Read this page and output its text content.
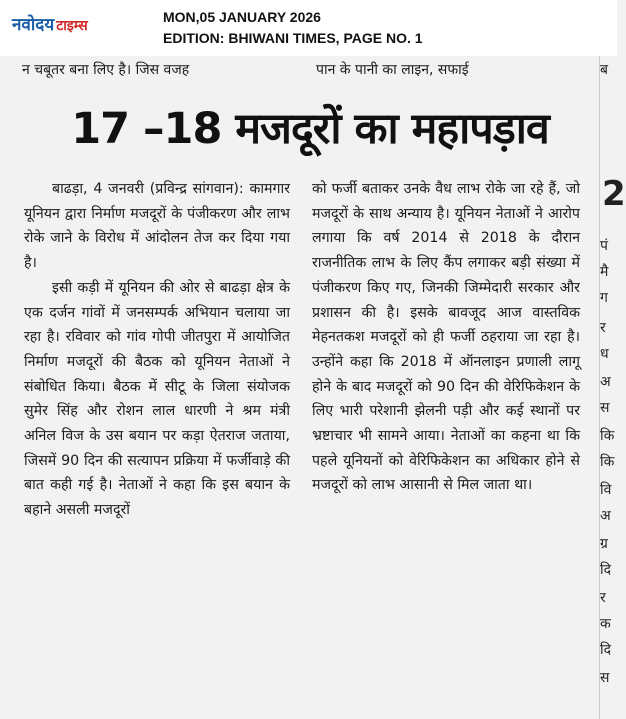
नवोदय टाइम्स
MON,05 JANUARY 2026
EDITION: BHIWANI TIMES, PAGE NO. 1
न चबूतर बना लिए है। जिस वजह	पान के पानी का लाइन, सफाई	ब
17 –18 मजदूरों का महापड़ाव

बाढड़ा, 4 जनवरी (प्रविन्द्र सांगवान): कामगार यूनियन द्वारा निर्माण मजदूरों के पंजीकरण और लाभ रोके जाने के विरोध में आंदोलन तेज कर दिया गया है।

इसी कड़ी में यूनियन की ओर से बाढड़ा क्षेत्र के एक दर्जन गांवों में जनसम्पर्क अभियान चलाया जा रहा है। रविवार को गांव गोपी जीतपुरा में आयोजित निर्माण मजदूरों की बैठक को यूनियन नेताओं ने संबोधित किया। बैठक में सीटू के जिला संयोजक सुमेर सिंह और रोशन लाल धारणी ने श्रम मंत्री अनिल विज के उस बयान पर कड़ा ऐतराज जताया, जिसमें 90 दिन की सत्यापन प्रक्रिया में फर्जीवाड़े की बात कही गई है। नेताओं ने कहा कि इस बयान के बहाने असली मजदूरों

को फर्जी बताकर उनके वैध लाभ रोके जा रहे हैं, जो मजदूरों के साथ अन्याय है। यूनियन नेताओं ने आरोप लगाया कि वर्ष 2014 से 2018 के दौरान राजनीतिक लाभ के लिए कैंप लगाकर बड़ी संख्या में पंजीकरण किए गए, जिनकी जिम्मेदारी सरकार और प्रशासन की है। इसके बावजूद आज वास्तविक मेहनतकश मजदूरों को ही फर्जी ठहराया जा रहा है। उन्होंने कहा कि 2018 में ऑनलाइन प्रणाली लागू होने के बाद मजदूरों को 90 दिन की वेरिफिकेशन के लिए भारी परेशानी झेलनी पड़ी और कई स्थानों पर भ्रष्टाचार भी सामने आया। नेताओं का कहना था कि पहले यूनियनों को वेरिफिकेशन का अधिकार होने से मजदूरों को लाभ आसानी से मिल जाता था।

2
पं
मै
ग
र
ध
अ
स
कि
कि
वि
अ
ग्र
दि
र
क
दि
स
